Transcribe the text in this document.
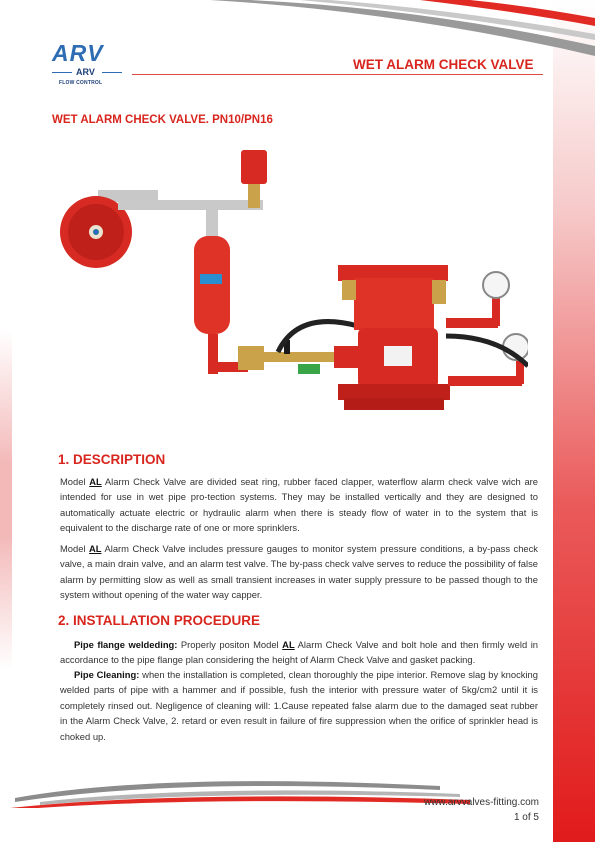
ARV
ARV
FLOW CONTROL
WET ALARM CHECK VALVE
WET ALARM CHECK VALVE. PN10/PN16
1. DESCRIPTION

Model AL Alarm Check Valve are divided seat ring, rubber faced clapper, waterflow alarm check valve wich are intended for use in wet pipe pro-tection systems. They may be installed vertically and they are designed to automatically actuate electric or hydraulic alarm when there is steady flow of water in to the system that is equivalent to the discharge rate of one or more sprinklers.

Model AL Alarm Check Valve includes pressure gauges to monitor system pressure conditions, a by-pass check valve, a main drain valve, and an alarm test valve. The by-pass check valve serves to reduce the possibility of false alarm by permitting slow as well as small transient increases in water supply pressure to be passed though to the system without opening of the water way capper.

2. INSTALLATION PROCEDURE

Pipe flange weldeding: Properly positon Model AL Alarm Check Valve and bolt hole and then firmly weld in accordance to the pipe flange plan considering the height of Alarm Check Valve and gasket packing.

Pipe Cleaning: when the installation is completed, clean thoroughly the pipe interior. Remove slag by knocking welded parts of pipe with a hammer and if possible, fush the interior with pressure water of 5kg/cm2 until it is completely rinsed out. Negligence of cleaning will: 1.Cause repeated false alarm due to the damaged seat rubber in the Alarm Check Valve, 2. retard or even result in failure of fire suppression when the orifice of sprinkler head is choked up.

www.arvvalves-fitting.com
1 of 5
